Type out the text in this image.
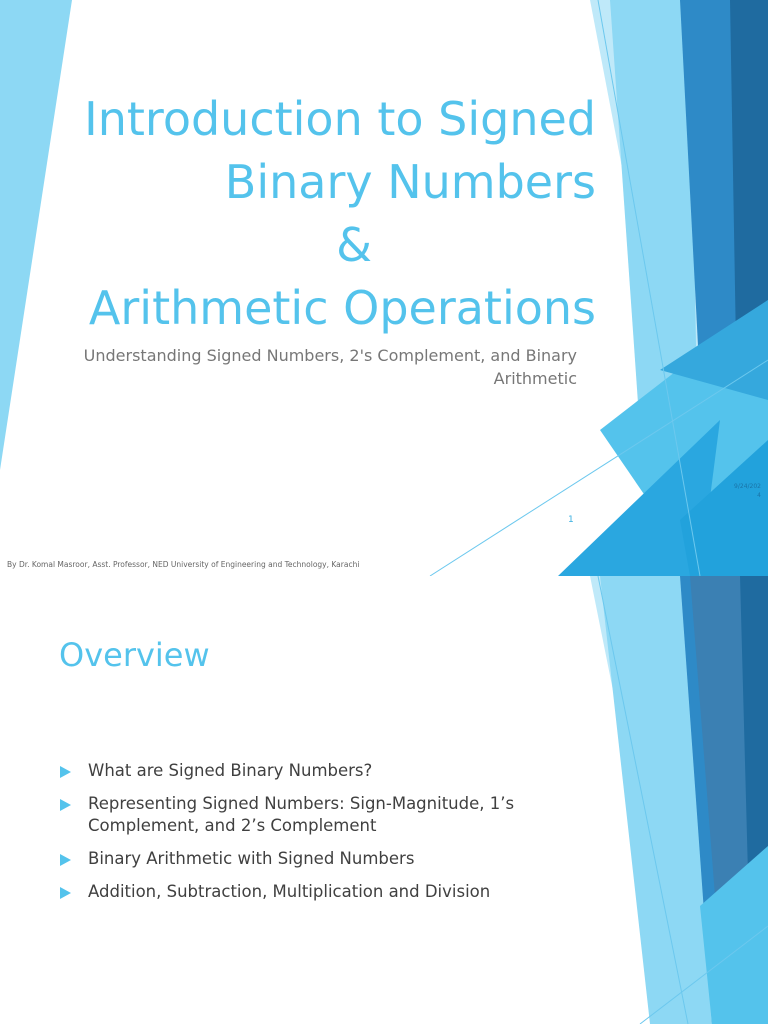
Introduction to Signed
Binary Numbers
&
Arithmetic Operations
Understanding Signed Numbers, 2's Complement, and Binary
Arithmetic
9/24/202
4
1
By Dr. Komal Masroor, Asst. Professor, NED University of Engineering and Technology, Karachi
Overview
What are Signed Binary Numbers?
Representing Signed Numbers: Sign-Magnitude, 1’s
Complement, and 2’s Complement
Binary Arithmetic with Signed Numbers
Addition, Subtraction, Multiplication and Division
